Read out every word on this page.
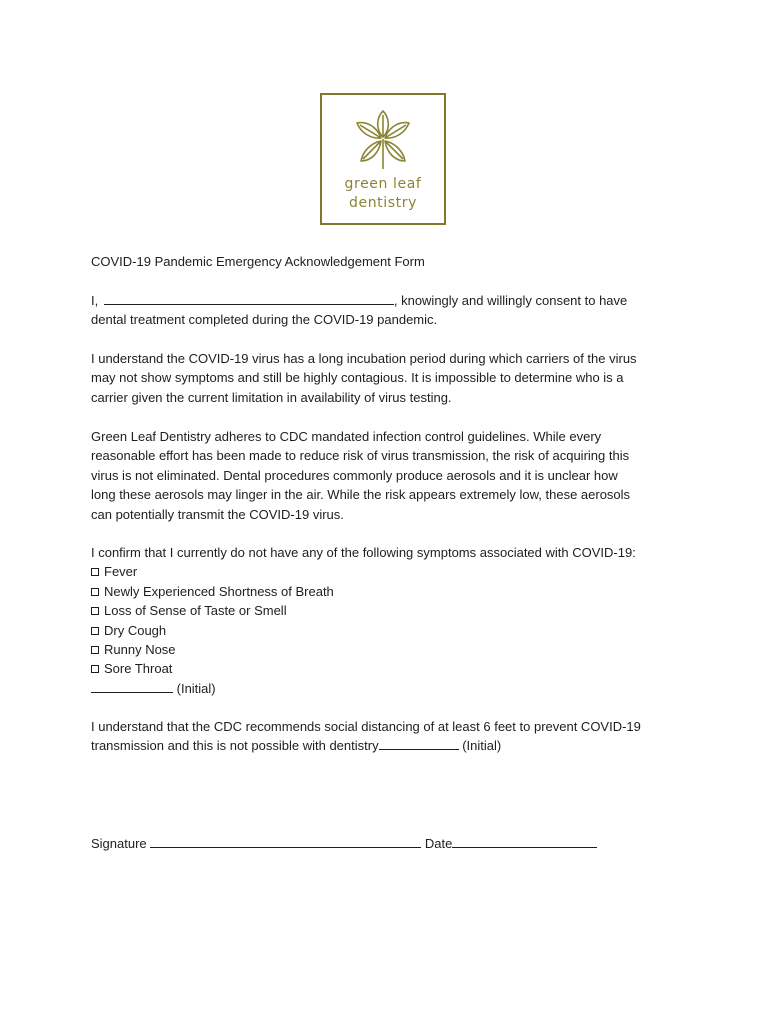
green leaf
dentistry
COVID-19 Pandemic Emergency Acknowledgement Form
I,	, knowingly and willingly consent to have
dental treatment completed during the COVID-19 pandemic.
I understand the COVID-19 virus has a long incubation period during which carriers of the virus
may not show symptoms and still be highly contagious. It is impossible to determine who is a
carrier given the current limitation in availability of virus testing.
Green Leaf Dentistry adheres to CDC mandated infection control guidelines. While every
reasonable effort has been made to reduce risk of virus transmission, the risk of acquiring this
virus is not eliminated. Dental procedures commonly produce aerosols and it is unclear how
long these aerosols may linger in the air. While the risk appears extremely low, these aerosols
can potentially transmit the COVID-19 virus.
I confirm that I currently do not have any of the following symptoms associated with COVID-19:
Fever
Newly Experienced Shortness of Breath
Loss of Sense of Taste or Smell
Dry Cough
Runny Nose
Sore Throat
(Initial)
I understand that the CDC recommends social distancing of at least 6 feet to prevent COVID-19
transmission and this is not possible with dentistry	(Initial)
Signature	Date
